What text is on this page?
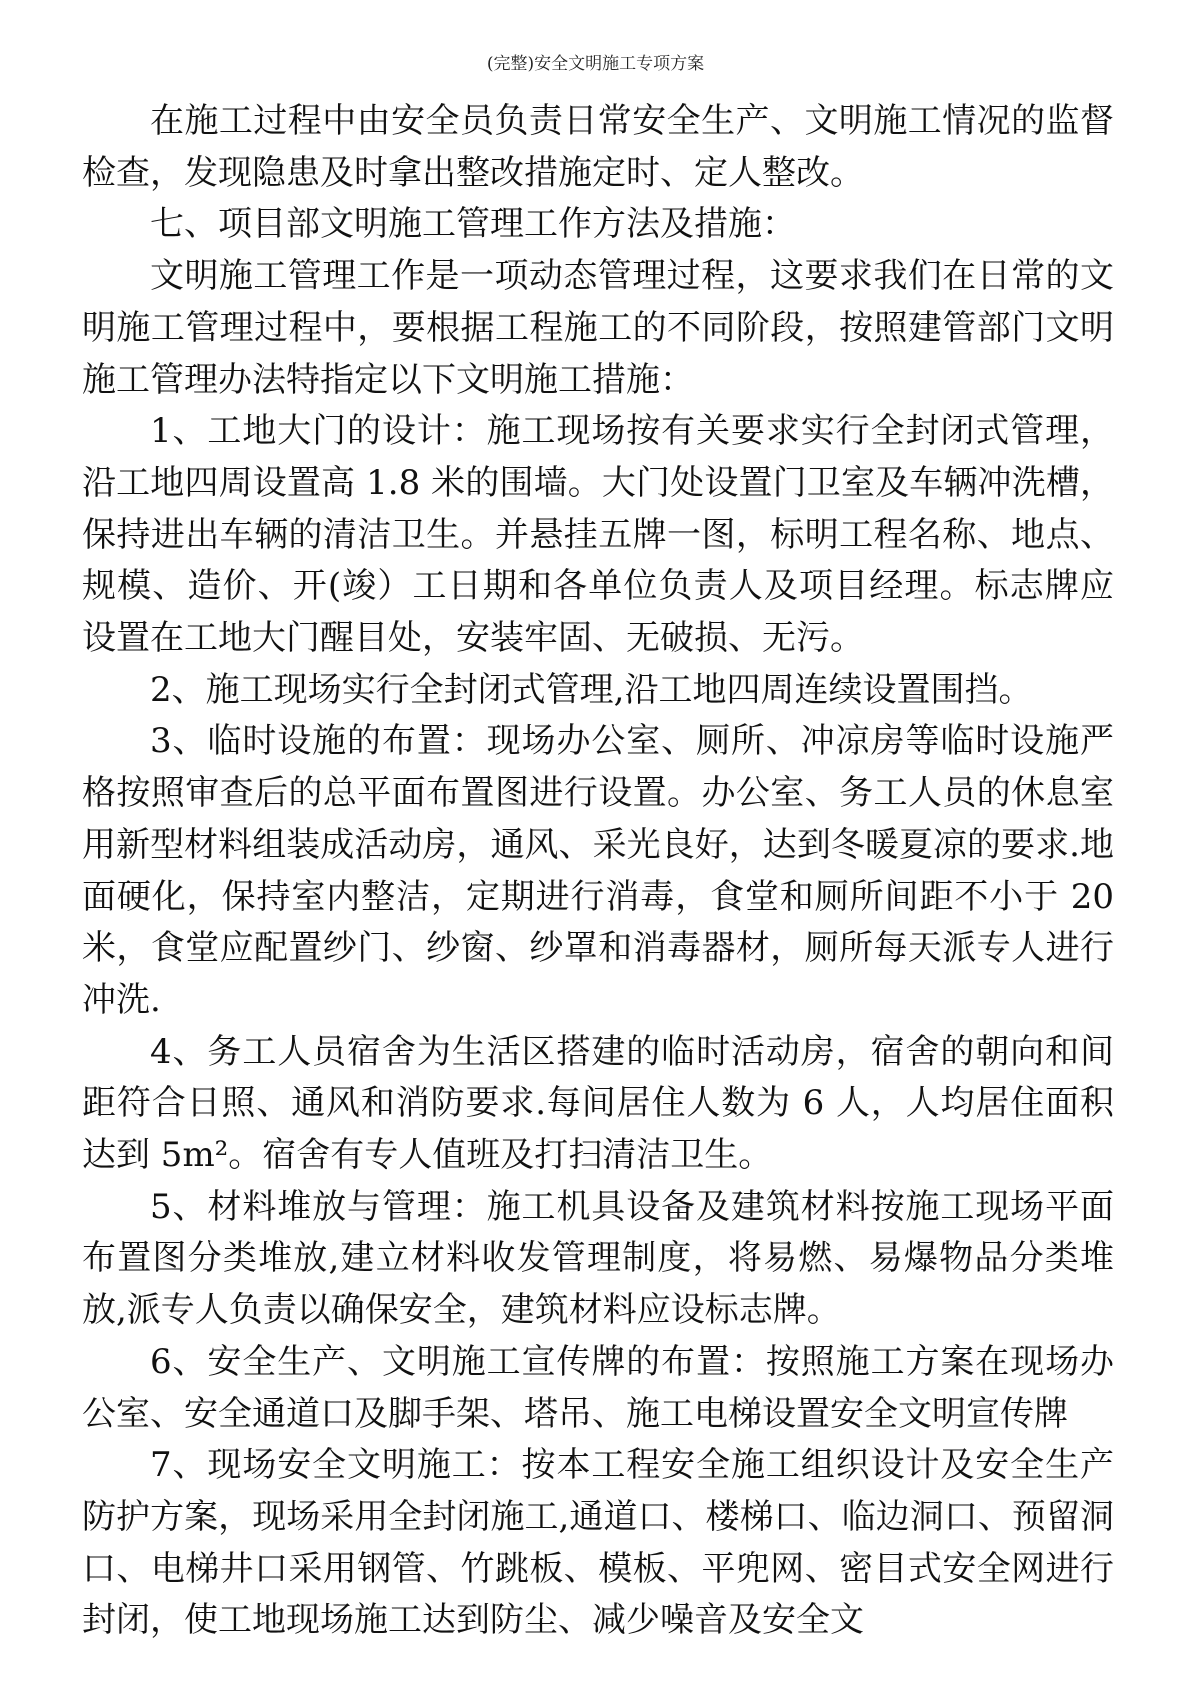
(完整)安全文明施工专项方案

在施工过程中由安全员负责日常安全生产、文明施工情况的监督检查，发现隐患及时拿出整改措施定时、定人整改。

七、项目部文明施工管理工作方法及措施：

文明施工管理工作是一项动态管理过程，这要求我们在日常的文明施工管理过程中，要根据工程施工的不同阶段，按照建管部门文明施工管理办法特指定以下文明施工措施：

1、工地大门的设计：施工现场按有关要求实行全封闭式管理，沿工地四周设置高 1.8 米的围墙。大门处设置门卫室及车辆冲洗槽，保持进出车辆的清洁卫生。并悬挂五牌一图，标明工程名称、地点、规模、造价、开(竣）工日期和各单位负责人及项目经理。标志牌应设置在工地大门醒目处，安装牢固、无破损、无污。

2、施工现场实行全封闭式管理,沿工地四周连续设置围挡。

3、临时设施的布置：现场办公室、厕所、冲凉房等临时设施严格按照审查后的总平面布置图进行设置。办公室、务工人员的休息室用新型材料组装成活动房，通风、采光良好，达到冬暖夏凉的要求.地面硬化，保持室内整洁，定期进行消毒，食堂和厕所间距不小于 20 米，食堂应配置纱门、纱窗、纱罩和消毒器材，厕所每天派专人进行冲洗.

4、务工人员宿舍为生活区搭建的临时活动房，宿舍的朝向和间距符合日照、通风和消防要求.每间居住人数为 6 人，人均居住面积达到 5m²。宿舍有专人值班及打扫清洁卫生。

5、材料堆放与管理：施工机具设备及建筑材料按施工现场平面布置图分类堆放,建立材料收发管理制度，将易燃、易爆物品分类堆放,派专人负责以确保安全，建筑材料应设标志牌。

6、安全生产、文明施工宣传牌的布置：按照施工方案在现场办公室、安全通道口及脚手架、塔吊、施工电梯设置安全文明宣传牌

7、现场安全文明施工：按本工程安全施工组织设计及安全生产防护方案，现场采用全封闭施工,通道口、楼梯口、临边洞口、预留洞口、电梯井口采用钢管、竹跳板、模板、平兜网、密目式安全网进行封闭，使工地现场施工达到防尘、减少噪音及安全文
